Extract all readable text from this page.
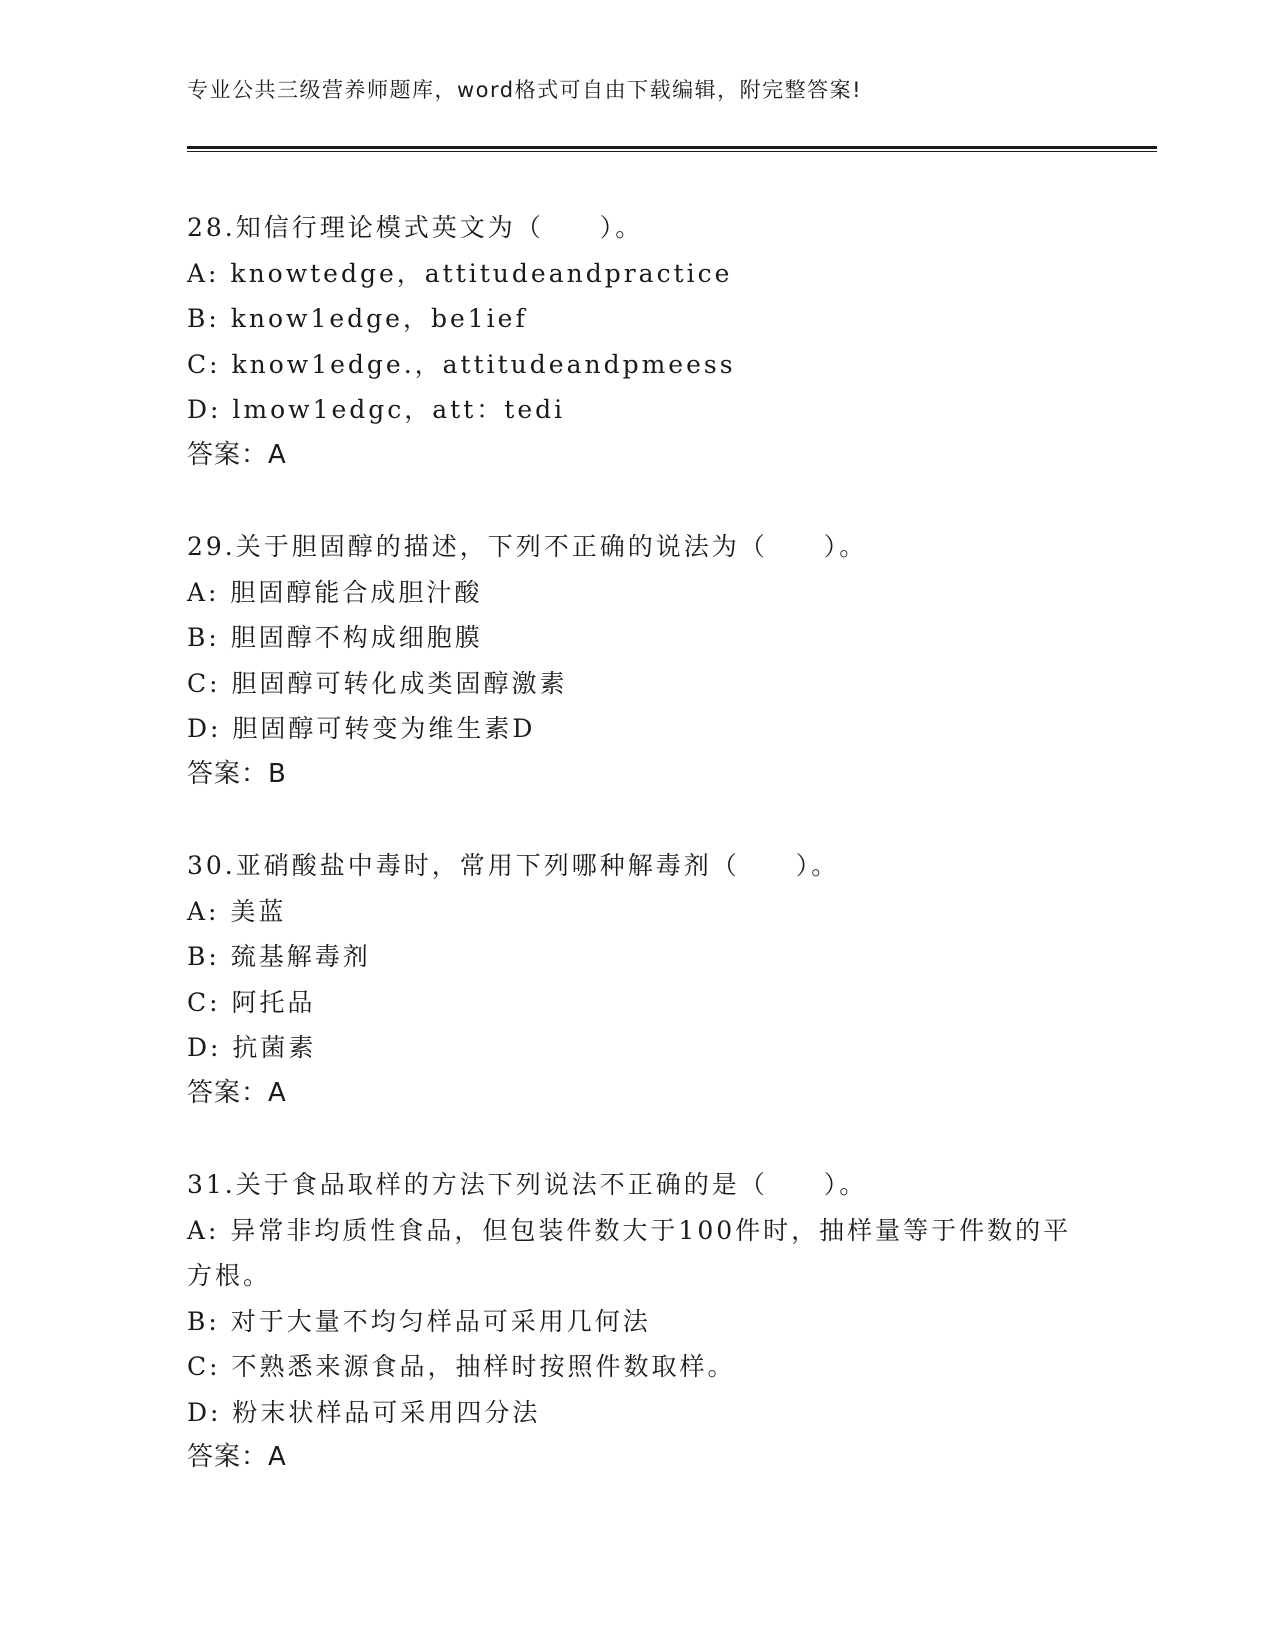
专业公共三级营养师题库，word格式可自由下载编辑，附完整答案!
28.知信行理论模式英文为（　　）。
A: knowtedge，attitudeandpractice
B: know1edge，be1ief
C: know1edge.，attitudeandpmeess
D: lmow1edgc，att：tedi
答案：A
29.关于胆固醇的描述，下列不正确的说法为（　　）。
A: 胆固醇能合成胆汁酸
B: 胆固醇不构成细胞膜
C: 胆固醇可转化成类固醇激素
D: 胆固醇可转变为维生素D
答案：B
30.亚硝酸盐中毒时，常用下列哪种解毒剂（　　）。
A: 美蓝
B: 巯基解毒剂
C: 阿托品
D: 抗菌素
答案：A
31.关于食品取样的方法下列说法不正确的是（　　）。
A: 异常非均质性食品，但包装件数大于100件时，抽样量等于件数的平方根。
B: 对于大量不均匀样品可采用几何法
C: 不熟悉来源食品，抽样时按照件数取样。
D: 粉末状样品可采用四分法
答案：A
